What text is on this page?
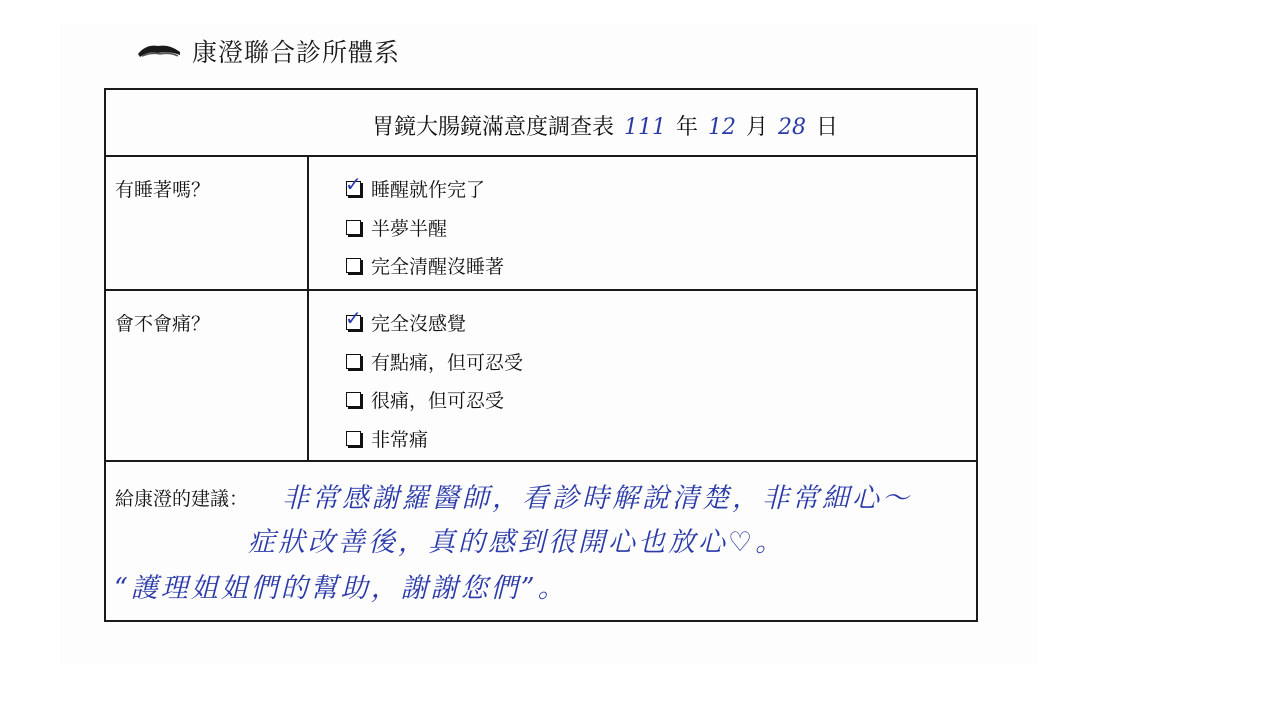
康澄聯合診所體系
胃鏡大腸鏡滿意度調查表 111 年 12 月 28 日
有睡著嗎？	✓ 睡醒就作完了
半夢半醒
完全清醒沒睡著
會不會痛？	✓ 完全沒感覺
有點痛，但可忍受
很痛，但可忍受
非常痛
給康澄的建議： 非常感謝羅醫師，看診時解說清楚，非常細心～
症狀改善後，真的感到很開心也放心♡。
“護理姐姐們的幫助，謝謝您們”。
